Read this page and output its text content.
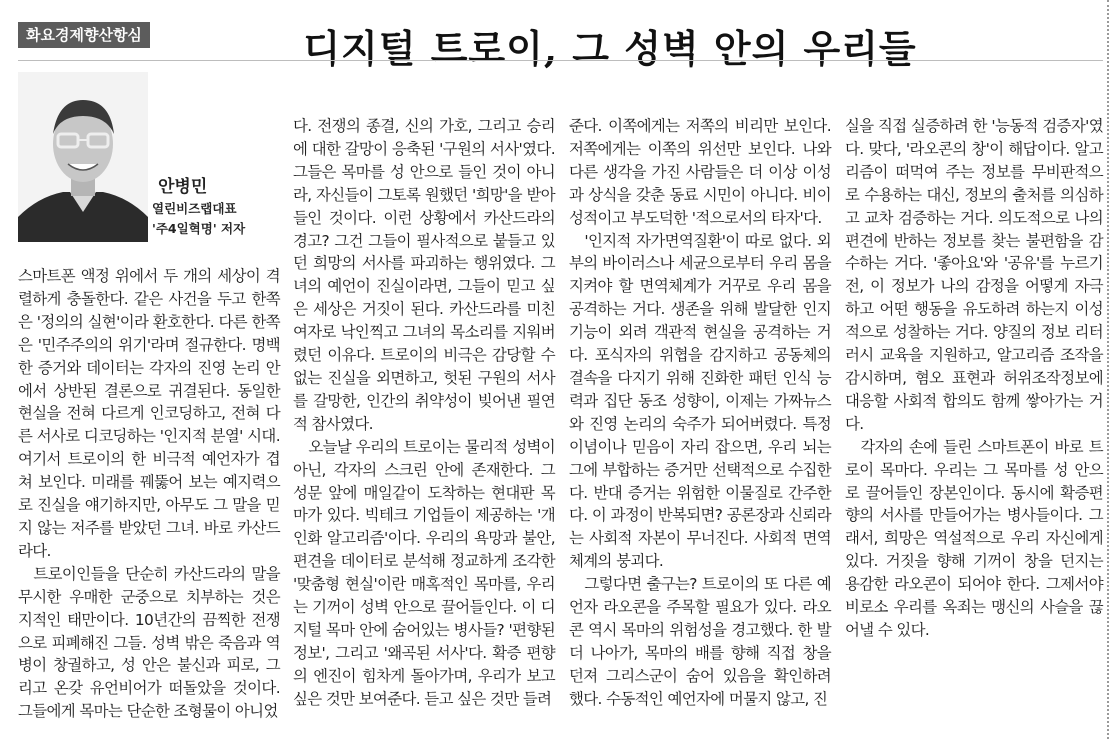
화요경제향산항심	디지털 트로이, 그 성벽 안의 우리들
안병민
열린비즈랩대표
'주4일혁명' 저자

스마트폰 액정 위에서 두 개의 세상이 격렬하게 충돌한다. 같은 사건을 두고 한쪽은 '정의의 실현'이라 환호한다. 다른 한쪽은 '민주주의의 위기'라며 절규한다. 명백한 증거와 데이터는 각자의 진영 논리 안에서 상반된 결론으로 귀결된다. 동일한 현실을 전혀 다르게 인코딩하고, 전혀 다른 서사로 디코딩하는 '인지적 분열' 시대. 여기서 트로이의 한 비극적 예언자가 겹쳐 보인다. 미래를 꿰뚫어 보는 예지력으로 진실을 얘기하지만, 아무도 그 말을 믿지 않는 저주를 받았던 그녀. 바로 카산드라다.

트로이인들을 단순히 카산드라의 말을 무시한 우매한 군중으로 치부하는 것은 지적인 태만이다. 10년간의 끔찍한 전쟁으로 피폐해진 그들. 성벽 밖은 죽음과 역병이 창궐하고, 성 안은 불신과 피로, 그리고 온갖 유언비어가 떠돌았을 것이다. 그들에게 목마는 단순한 조형물이 아니었

다. 전쟁의 종결, 신의 가호, 그리고 승리에 대한 갈망이 응축된 '구원의 서사'였다. 그들은 목마를 성 안으로 들인 것이 아니라, 자신들이 그토록 원했던 '희망'을 받아들인 것이다. 이런 상황에서 카산드라의 경고? 그건 그들이 필사적으로 붙들고 있던 희망의 서사를 파괴하는 행위였다. 그녀의 예언이 진실이라면, 그들이 믿고 싶은 세상은 거짓이 된다. 카산드라를 미친 여자로 낙인찍고 그녀의 목소리를 지워버렸던 이유다. 트로이의 비극은 감당할 수 없는 진실을 외면하고, 헛된 구원의 서사를 갈망한, 인간의 취약성이 빚어낸 필연적 참사였다.

오늘날 우리의 트로이는 물리적 성벽이 아닌, 각자의 스크린 안에 존재한다. 그 성문 앞에 매일같이 도착하는 현대판 목마가 있다. 빅테크 기업들이 제공하는 '개인화 알고리즘'이다. 우리의 욕망과 불안, 편견을 데이터로 분석해 정교하게 조각한 '맞춤형 현실'이란 매혹적인 목마를, 우리는 기꺼이 성벽 안으로 끌어들인다. 이 디지털 목마 안에 숨어있는 병사들? '편향된 정보', 그리고 '왜곡된 서사'다. 확증 편향의 엔진이 힘차게 돌아가며, 우리가 보고 싶은 것만 보여준다. 듣고 싶은 것만 들려

준다. 이쪽에게는 저쪽의 비리만 보인다. 저쪽에게는 이쪽의 위선만 보인다. 나와 다른 생각을 가진 사람들은 더 이상 이성과 상식을 갖춘 동료 시민이 아니다. 비이성적이고 부도덕한 '적으로서의 타자'다.

'인지적 자가면역질환'이 따로 없다. 외부의 바이러스나 세균으로부터 우리 몸을 지켜야 할 면역체계가 거꾸로 우리 몸을 공격하는 거다. 생존을 위해 발달한 인지 기능이 외려 객관적 현실을 공격하는 거다. 포식자의 위협을 감지하고 공동체의 결속을 다지기 위해 진화한 패턴 인식 능력과 집단 동조 성향이, 이제는 가짜뉴스와 진영 논리의 숙주가 되어버렸다. 특정 이념이나 믿음이 자리 잡으면, 우리 뇌는 그에 부합하는 증거만 선택적으로 수집한다. 반대 증거는 위험한 이물질로 간주한다. 이 과정이 반복되면? 공론장과 신뢰라는 사회적 자본이 무너진다. 사회적 면역체계의 붕괴다.

그렇다면 출구는? 트로이의 또 다른 예언자 라오콘을 주목할 필요가 있다. 라오콘 역시 목마의 위험성을 경고했다. 한 발 더 나아가, 목마의 배를 향해 직접 창을 던져 그리스군이 숨어 있음을 확인하려 했다. 수동적인 예언자에 머물지 않고, 진

실을 직접 실증하려 한 '능동적 검증자'였다. 맞다, '라오콘의 창'이 해답이다. 알고리즘이 떠먹여 주는 정보를 무비판적으로 수용하는 대신, 정보의 출처를 의심하고 교차 검증하는 거다. 의도적으로 나의 편견에 반하는 정보를 찾는 불편함을 감수하는 거다. '좋아요'와 '공유'를 누르기 전, 이 정보가 나의 감정을 어떻게 자극하고 어떤 행동을 유도하려 하는지 이성적으로 성찰하는 거다. 양질의 정보 리터러시 교육을 지원하고, 알고리즘 조작을 감시하며, 혐오 표현과 허위조작정보에 대응할 사회적 합의도 함께 쌓아가는 거다.

각자의 손에 들린 스마트폰이 바로 트로이 목마다. 우리는 그 목마를 성 안으로 끌어들인 장본인이다. 동시에 확증편향의 서사를 만들어가는 병사들이다. 그래서, 희망은 역설적으로 우리 자신에게 있다. 거짓을 향해 기꺼이 창을 던지는 용감한 라오콘이 되어야 한다. 그제서야 비로소 우리를 옥죄는 맹신의 사슬을 끊어낼 수 있다.
